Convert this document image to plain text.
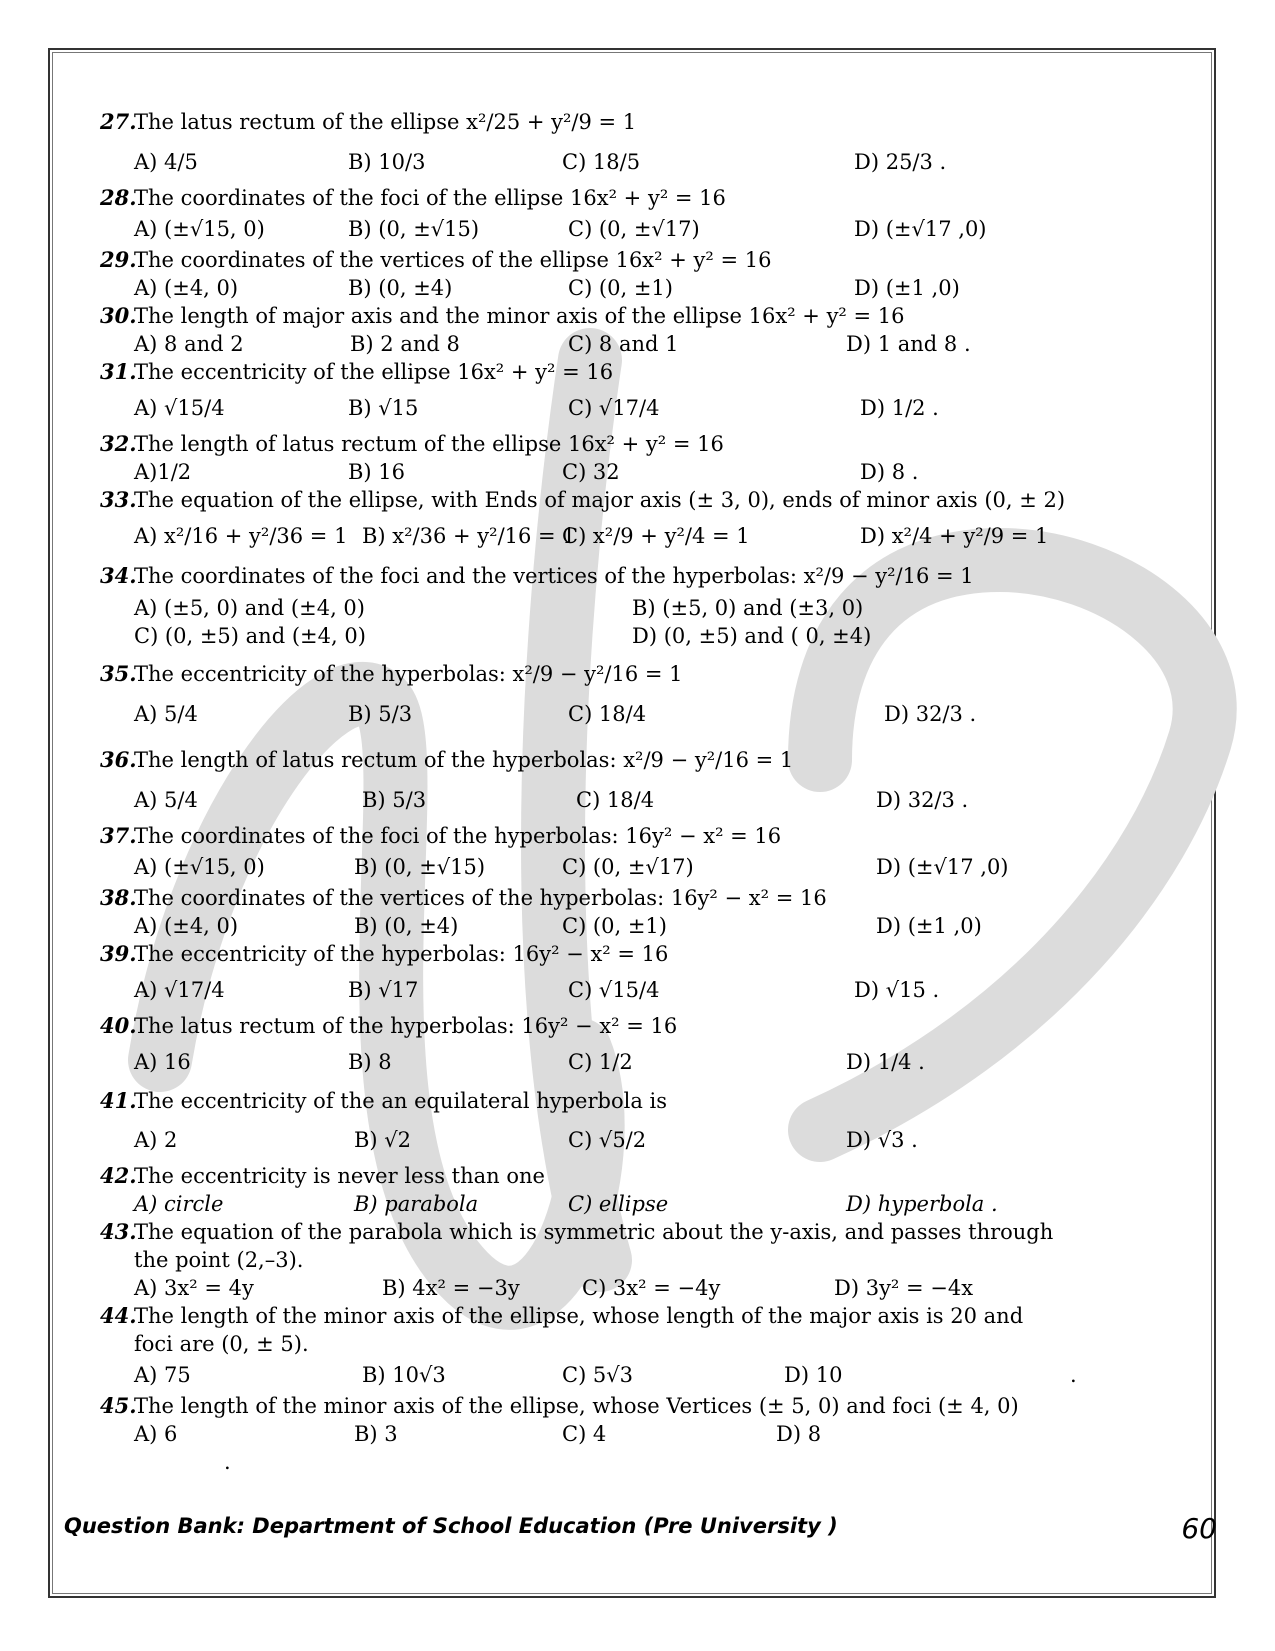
27.
The latus rectum of the ellipse x²/25 + y²/9 = 1
A) 4/5	B) 10/3	C) 18/5	D) 25/3 .
28.
The coordinates of the foci of the ellipse 16x² + y² = 16
A) (±√15, 0)	B) (0, ±√15)	C) (0, ±√17)	D) (±√17 ,0)
29.
The coordinates of the vertices of the ellipse 16x² + y² = 16
A) (±4, 0)	B) (0, ±4)	C) (0, ±1)	D) (±1 ,0)
30.
The length of major axis and the minor axis of the ellipse 16x² + y² = 16
A) 8 and 2	B) 2 and 8	C) 8 and 1	D) 1 and 8 .
31.
The eccentricity of the ellipse 16x² + y² = 16
A) √15/4	B) √15	C) √17/4	D) 1/2 .
32.
The length of latus rectum of the ellipse 16x² + y² = 16
A)1/2	B) 16	C) 32	D) 8 .
33.
The equation of the ellipse, with Ends of major axis (± 3, 0), ends of minor axis (0, ± 2)
A) x²/16 + y²/36 = 1 B) x²/36 + y²/16 = 1
C) x²/9 + y²/4 = 1	D) x²/4 + y²/9 = 1
34.
The coordinates of the foci and the vertices of the hyperbolas: x²/9 − y²/16 = 1
A) (±5, 0) and (±4, 0)	B) (±5, 0) and (±3, 0)
C) (0, ±5) and (±4, 0)	D) (0, ±5) and ( 0, ±4)
35.
The eccentricity of the hyperbolas: x²/9 − y²/16 = 1
A) 5/4	B) 5/3	C) 18/4	D) 32/3 .
36.
The length of latus rectum of the hyperbolas: x²/9 − y²/16 = 1
A) 5/4	B) 5/3	C) 18/4	D) 32/3 .
37.
The coordinates of the foci of the hyperbolas: 16y² − x² = 16
A) (±√15, 0)	B) (0, ±√15)	C) (0, ±√17)	D) (±√17 ,0)
38.
The coordinates of the vertices of the hyperbolas: 16y² − x² = 16
A) (±4, 0)	B) (0, ±4)	C) (0, ±1)	D) (±1 ,0)
39.
The eccentricity of the hyperbolas: 16y² − x² = 16
A) √17/4	B) √17	C) √15/4	D) √15 .
40.
The latus rectum of the hyperbolas: 16y² − x² = 16
A) 16	B) 8	C) 1/2	D) 1/4 .
41.
The eccentricity of the an equilateral hyperbola is
A) 2	B) √2	C) √5/2	D) √3 .
42.
The eccentricity is never less than one
A) circle	B) parabola	C) ellipse	D) hyperbola .
43.
The equation of the parabola which is symmetric about the y-axis, and passes through
the point (2,–3).
A) 3x² = 4y	B) 4x² = −3y	C) 3x² = −4y	D) 3y² = −4x
44.
The length of the minor axis of the ellipse, whose length of the major axis is 20 and
foci are (0, ± 5).
A) 75	B) 10√3	C) 5√3	D) 10	.
45.
The length of the minor axis of the ellipse, whose Vertices (± 5, 0) and foci (± 4, 0)
A) 6	B) 3	C) 4	D) 8
.
Question Bank: Department of School Education (Pre University )	60
